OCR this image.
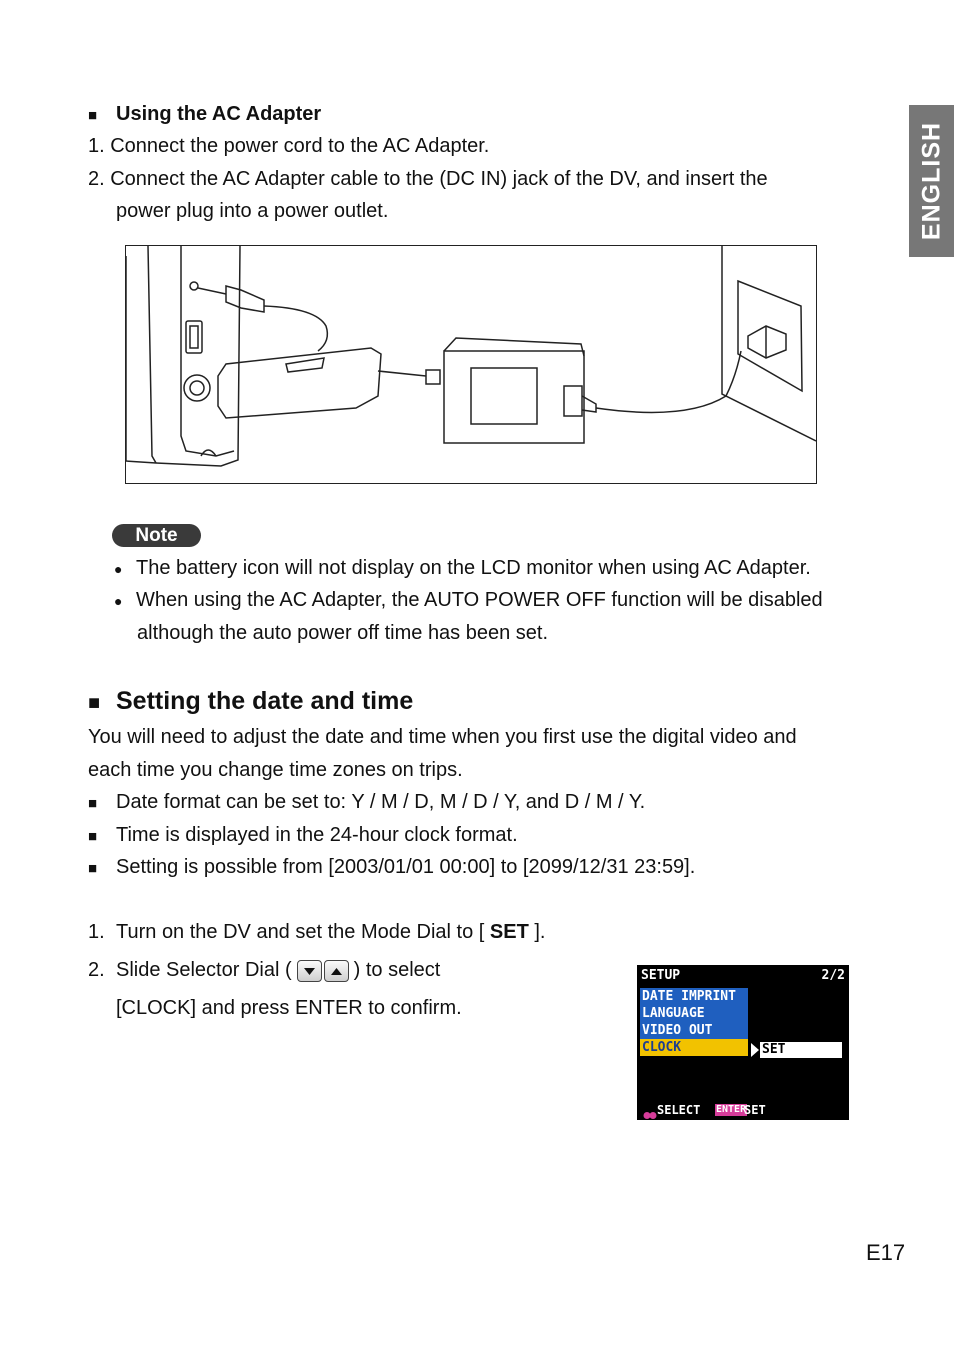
ENGLISH
■ Using the AC Adapter
1. Connect the power cord to the AC Adapter.
2. Connect the AC Adapter cable to the (DC IN) jack of the DV, and insert the
power plug into a power outlet.
Note
● The battery icon will not display on the LCD monitor when using AC Adapter.
● When using the AC Adapter, the AUTO POWER OFF function will be disabled
although the auto power off time has been set.
■ Setting the date and time
You will need to adjust the date and time when you first use the digital video and
each time you change time zones on trips.
■ Date format can be set to: Y / M / D, M / D / Y, and D / M / Y.
■ Time is displayed in the 24-hour clock format.
■ Setting is possible from [2003/01/01 00:00] to [2099/12/31 23:59].
1. Turn on the DV and set the Mode Dial to [ SET ].
2. Slide Selector Dial (	) to select
[CLOCK] and press ENTER to confirm.
SETUP	2/2
DATE IMPRINT
LANGUAGE
VIDEO OUT
CLOCK	SET
SELECT ENTER
SET
E17
